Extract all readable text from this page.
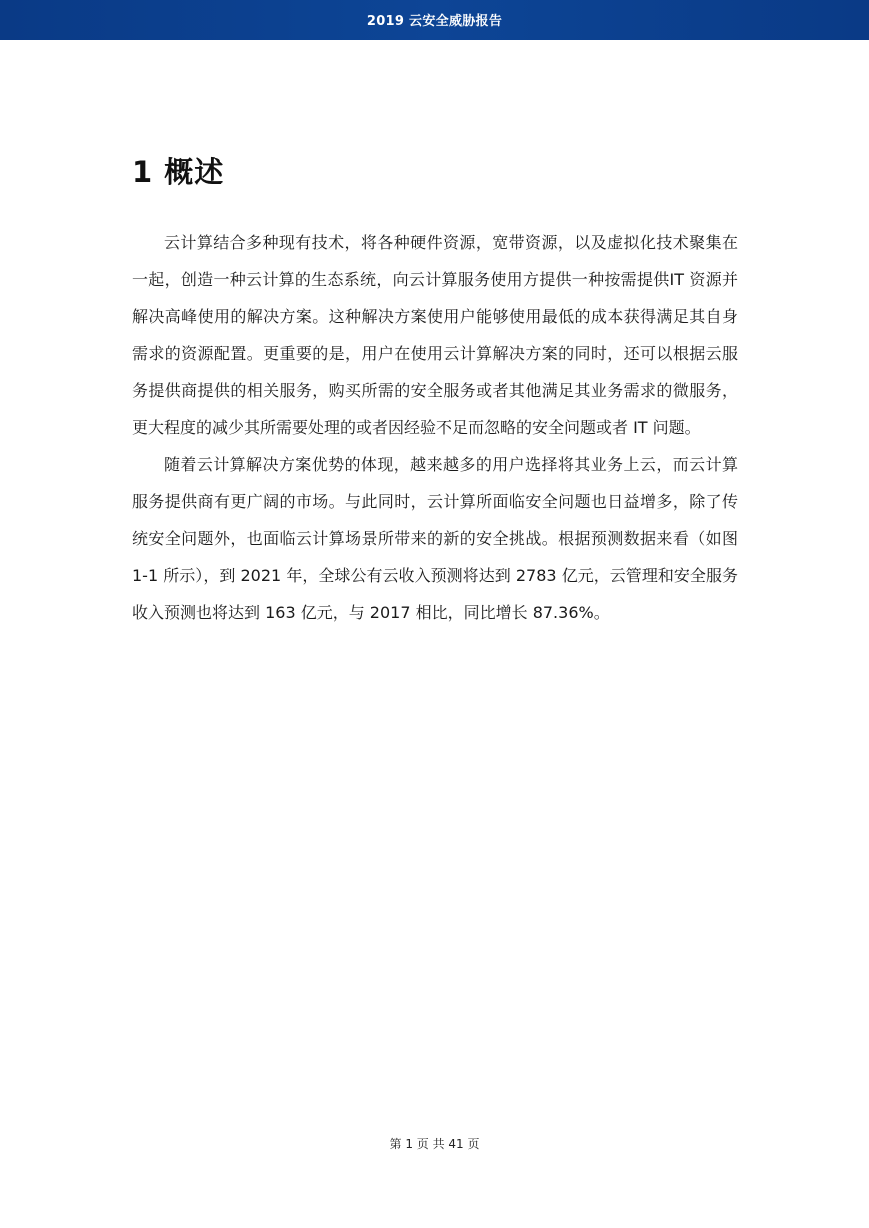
2019 云安全威胁报告
1 概述

云计算结合多种现有技术，将各种硬件资源，宽带资源，以及虚拟化技术聚集在一起，创造一种云计算的生态系统，向云计算服务使用方提供一种按需提供IT 资源并解决高峰使用的解决方案。这种解决方案使用户能够使用最低的成本获得满足其自身需求的资源配置。更重要的是，用户在使用云计算解决方案的同时，还可以根据云服务提供商提供的相关服务，购买所需的安全服务或者其他满足其业务需求的微服务，更大程度的减少其所需要处理的或者因经验不足而忽略的安全问题或者 IT 问题。

随着云计算解决方案优势的体现，越来越多的用户选择将其业务上云，而云计算服务提供商有更广阔的市场。与此同时，云计算所面临安全问题也日益增多，除了传统安全问题外，也面临云计算场景所带来的新的安全挑战。根据预测数据来看（如图 1-1 所示），到 2021 年，全球公有云收入预测将达到 2783 亿元，云管理和安全服务收入预测也将达到 163 亿元，与 2017 相比，同比增长 87.36%。

第 1 页 共 41 页
